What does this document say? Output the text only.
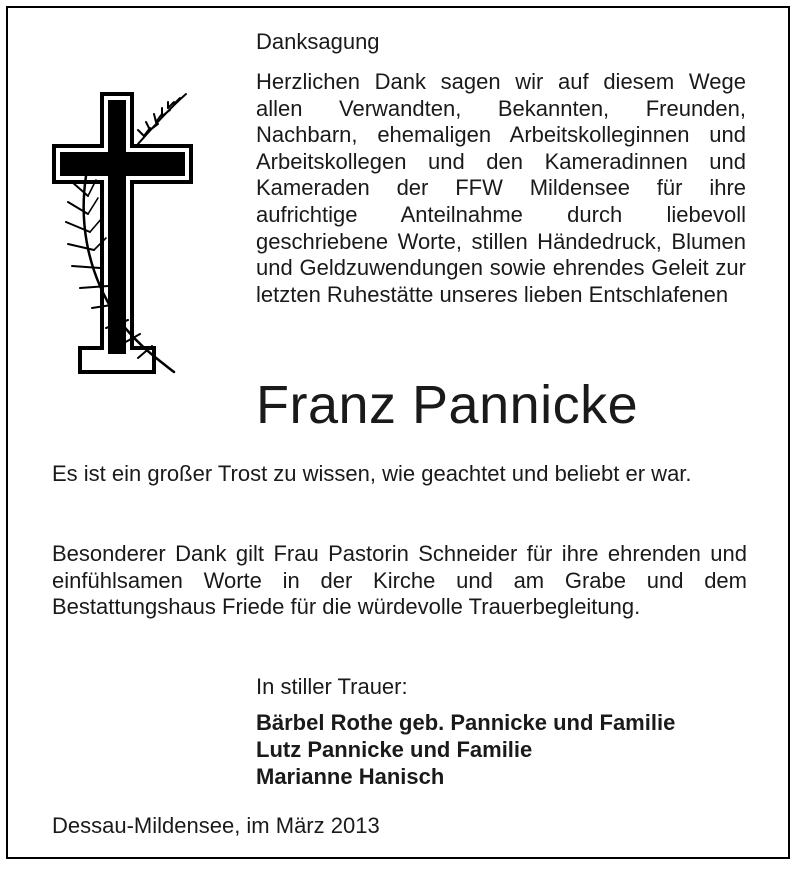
Danksagung
Herzlichen Dank sagen wir auf diesem Wege allen Verwandten, Bekannten, Freunden, Nachbarn, ehemaligen Arbeitskolleginnen und Arbeitskollegen und den Kameradinnen und Kameraden der FFW Mildensee für ihre aufrichtige Anteilnahme durch liebevoll geschriebene Worte, stillen Händedruck, Blumen und Geldzuwendungen sowie ehrendes Geleit zur letzten Ruhestätte unseres lieben Entschlafenen
Franz Pannicke
Es ist ein großer Trost zu wissen, wie geachtet und beliebt er war.
Besonderer Dank gilt Frau Pastorin Schneider für ihre ehrenden und einfühlsamen Worte in der Kirche und am Grabe und dem Bestattungshaus Friede für die würdevolle Trauerbegleitung.
In stiller Trauer:
Bärbel Rothe geb. Pannicke und Familie
Lutz Pannicke und Familie
Marianne Hanisch
Dessau-Mildensee, im März 2013
